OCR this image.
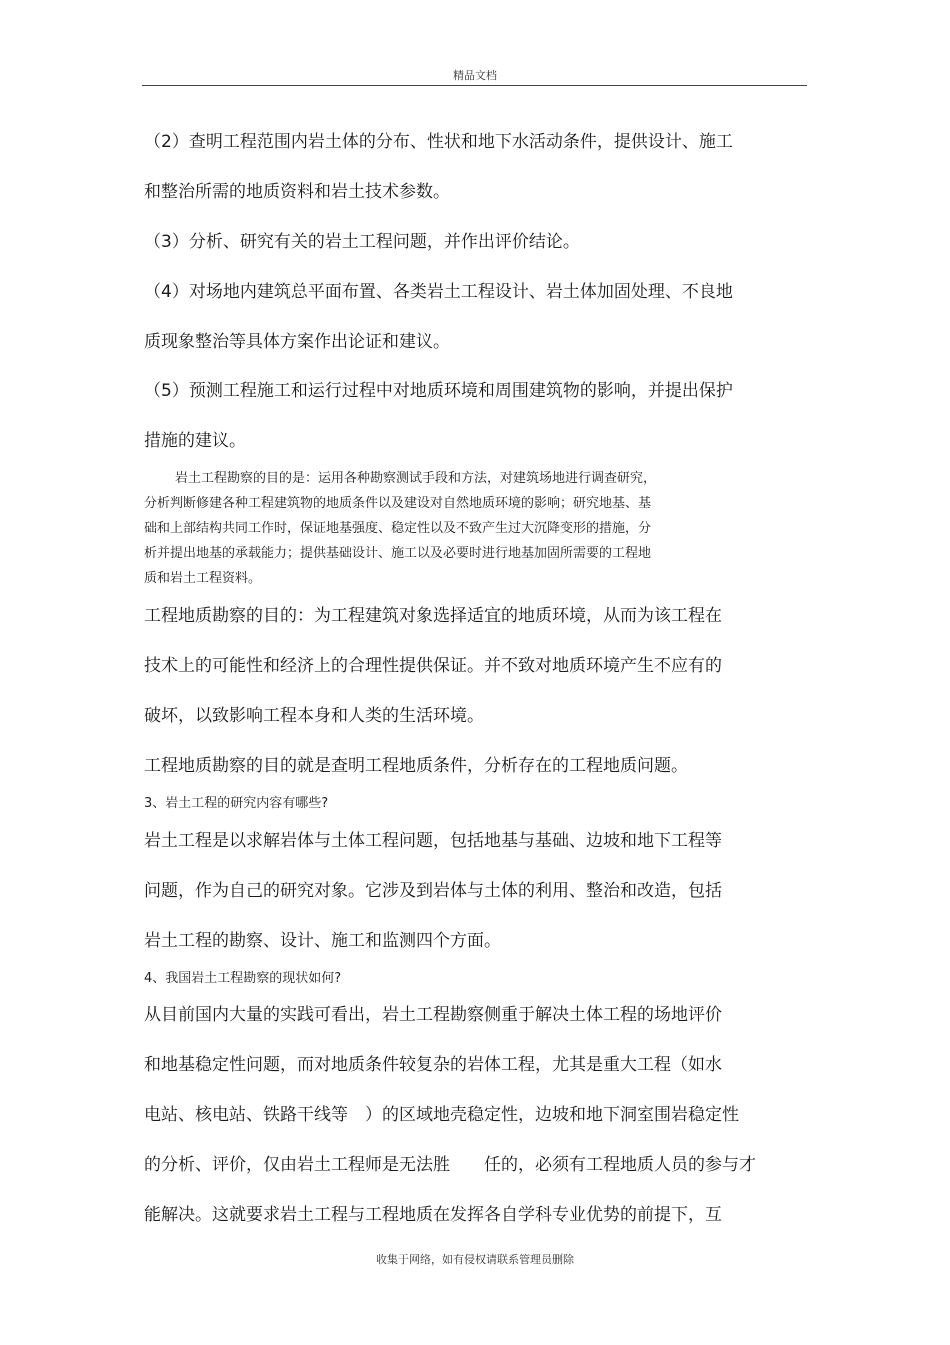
精品文档
（2）查明工程范围内岩土体的分布、性状和地下水活动条件，提供设计、施工
和整治所需的地质资料和岩土技术参数。
（3）分析、研究有关的岩土工程问题，并作出评价结论。
（4）对场地内建筑总平面布置、各类岩土工程设计、岩土体加固处理、不良地
质现象整治等具体方案作出论证和建议。
（5）预测工程施工和运行过程中对地质环境和周围建筑物的影响，并提出保护
措施的建议。
岩土工程勘察的目的是：运用各种勘察测试手段和方法，对建筑场地进行调查研究，
分析判断修建各种工程建筑物的地质条件以及建设对自然地质环境的影响；研究地基、基
础和上部结构共同工作时，保证地基强度、稳定性以及不致产生过大沉降变形的措施，分
析并提出地基的承载能力；提供基础设计、施工以及必要时进行地基加固所需要的工程地
质和岩土工程资料。
工程地质勘察的目的：为工程建筑对象选择适宜的地质环境，从而为该工程在
技术上的可能性和经济上的合理性提供保证。并不致对地质环境产生不应有的
破坏，以致影响工程本身和人类的生活环境。
工程地质勘察的目的就是查明工程地质条件，分析存在的工程地质问题。
3、岩土工程的研究内容有哪些?
岩土工程是以求解岩体与土体工程问题，包括地基与基础、边坡和地下工程等
问题，作为自己的研究对象。它涉及到岩体与土体的利用、整治和改造，包括
岩土工程的勘察、设计、施工和监测四个方面。
4、我国岩土工程勘察的现状如何?
从目前国内大量的实践可看出，岩土工程勘察侧重于解决土体工程的场地评价
和地基稳定性问题，而对地质条件较复杂的岩体工程，尤其是重大工程（如水
电站、核电站、铁路干线等　）的区域地壳稳定性，边坡和地下洞室围岩稳定性
的分析、评价，仅由岩土工程师是无法胜　　任的，必须有工程地质人员的参与才
能解决。这就要求岩土工程与工程地质在发挥各自学科专业优势的前提下，互
收集于网络，如有侵权请联系管理员删除
